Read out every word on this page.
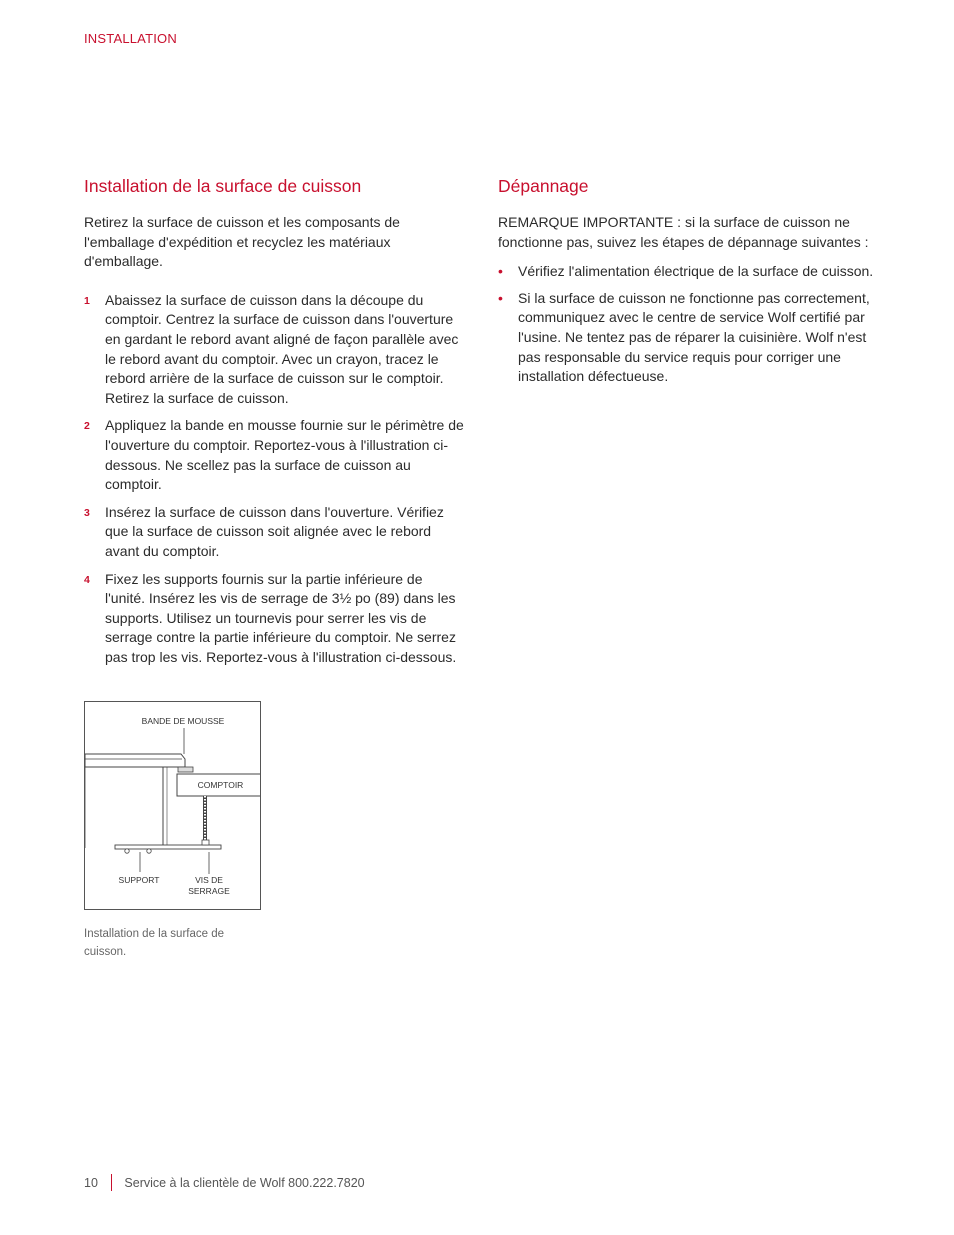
INSTALLATION
Installation de la surface de cuisson

Retirez la surface de cuisson et les composants de l'emballage d'expédition et recyclez les matériaux d'emballage.

1 Abaissez la surface de cuisson dans la découpe du comptoir. Centrez la surface de cuisson dans l'ouverture en gardant le rebord avant aligné de façon parallèle avec le rebord avant du comptoir. Avec un crayon, tracez le rebord arrière de la surface de cuisson sur le comptoir. Retirez la surface de cuisson.
2 Appliquez la bande en mousse fournie sur le périmètre de l'ouverture du comptoir. Reportez-vous à l'illustration ci-dessous. Ne scellez pas la surface de cuisson au comptoir.
3 Insérez la surface de cuisson dans l'ouverture. Vérifiez que la surface de cuisson soit alignée avec le rebord avant du comptoir.
4 Fixez les supports fournis sur la partie inférieure de l'unité. Insérez les vis de serrage de 3½ po (89) dans les supports. Utilisez un tournevis pour serrer les vis de serrage contre la partie inférieure du comptoir. Ne serrez pas trop les vis. Reportez-vous à l'illustration ci-dessous.
Dépannage

REMARQUE IMPORTANTE : si la surface de cuisson ne fonctionne pas, suivez les étapes de dépannage suivantes :

• Vérifiez l'alimentation électrique de la surface de cuisson.
• Si la surface de cuisson ne fonctionne pas correctement, communiquez avec le centre de service Wolf certifié par l'usine. Ne tentez pas de réparer la cuisinière. Wolf n'est pas responsable du service requis pour corriger une installation défectueuse.
BANDE DE MOUSSE
COMPTOIR
SUPPORT	VIS DE
SERRAGE
Installation de la surface de cuisson.
10 Service à la clientèle de Wolf 800.222.7820
